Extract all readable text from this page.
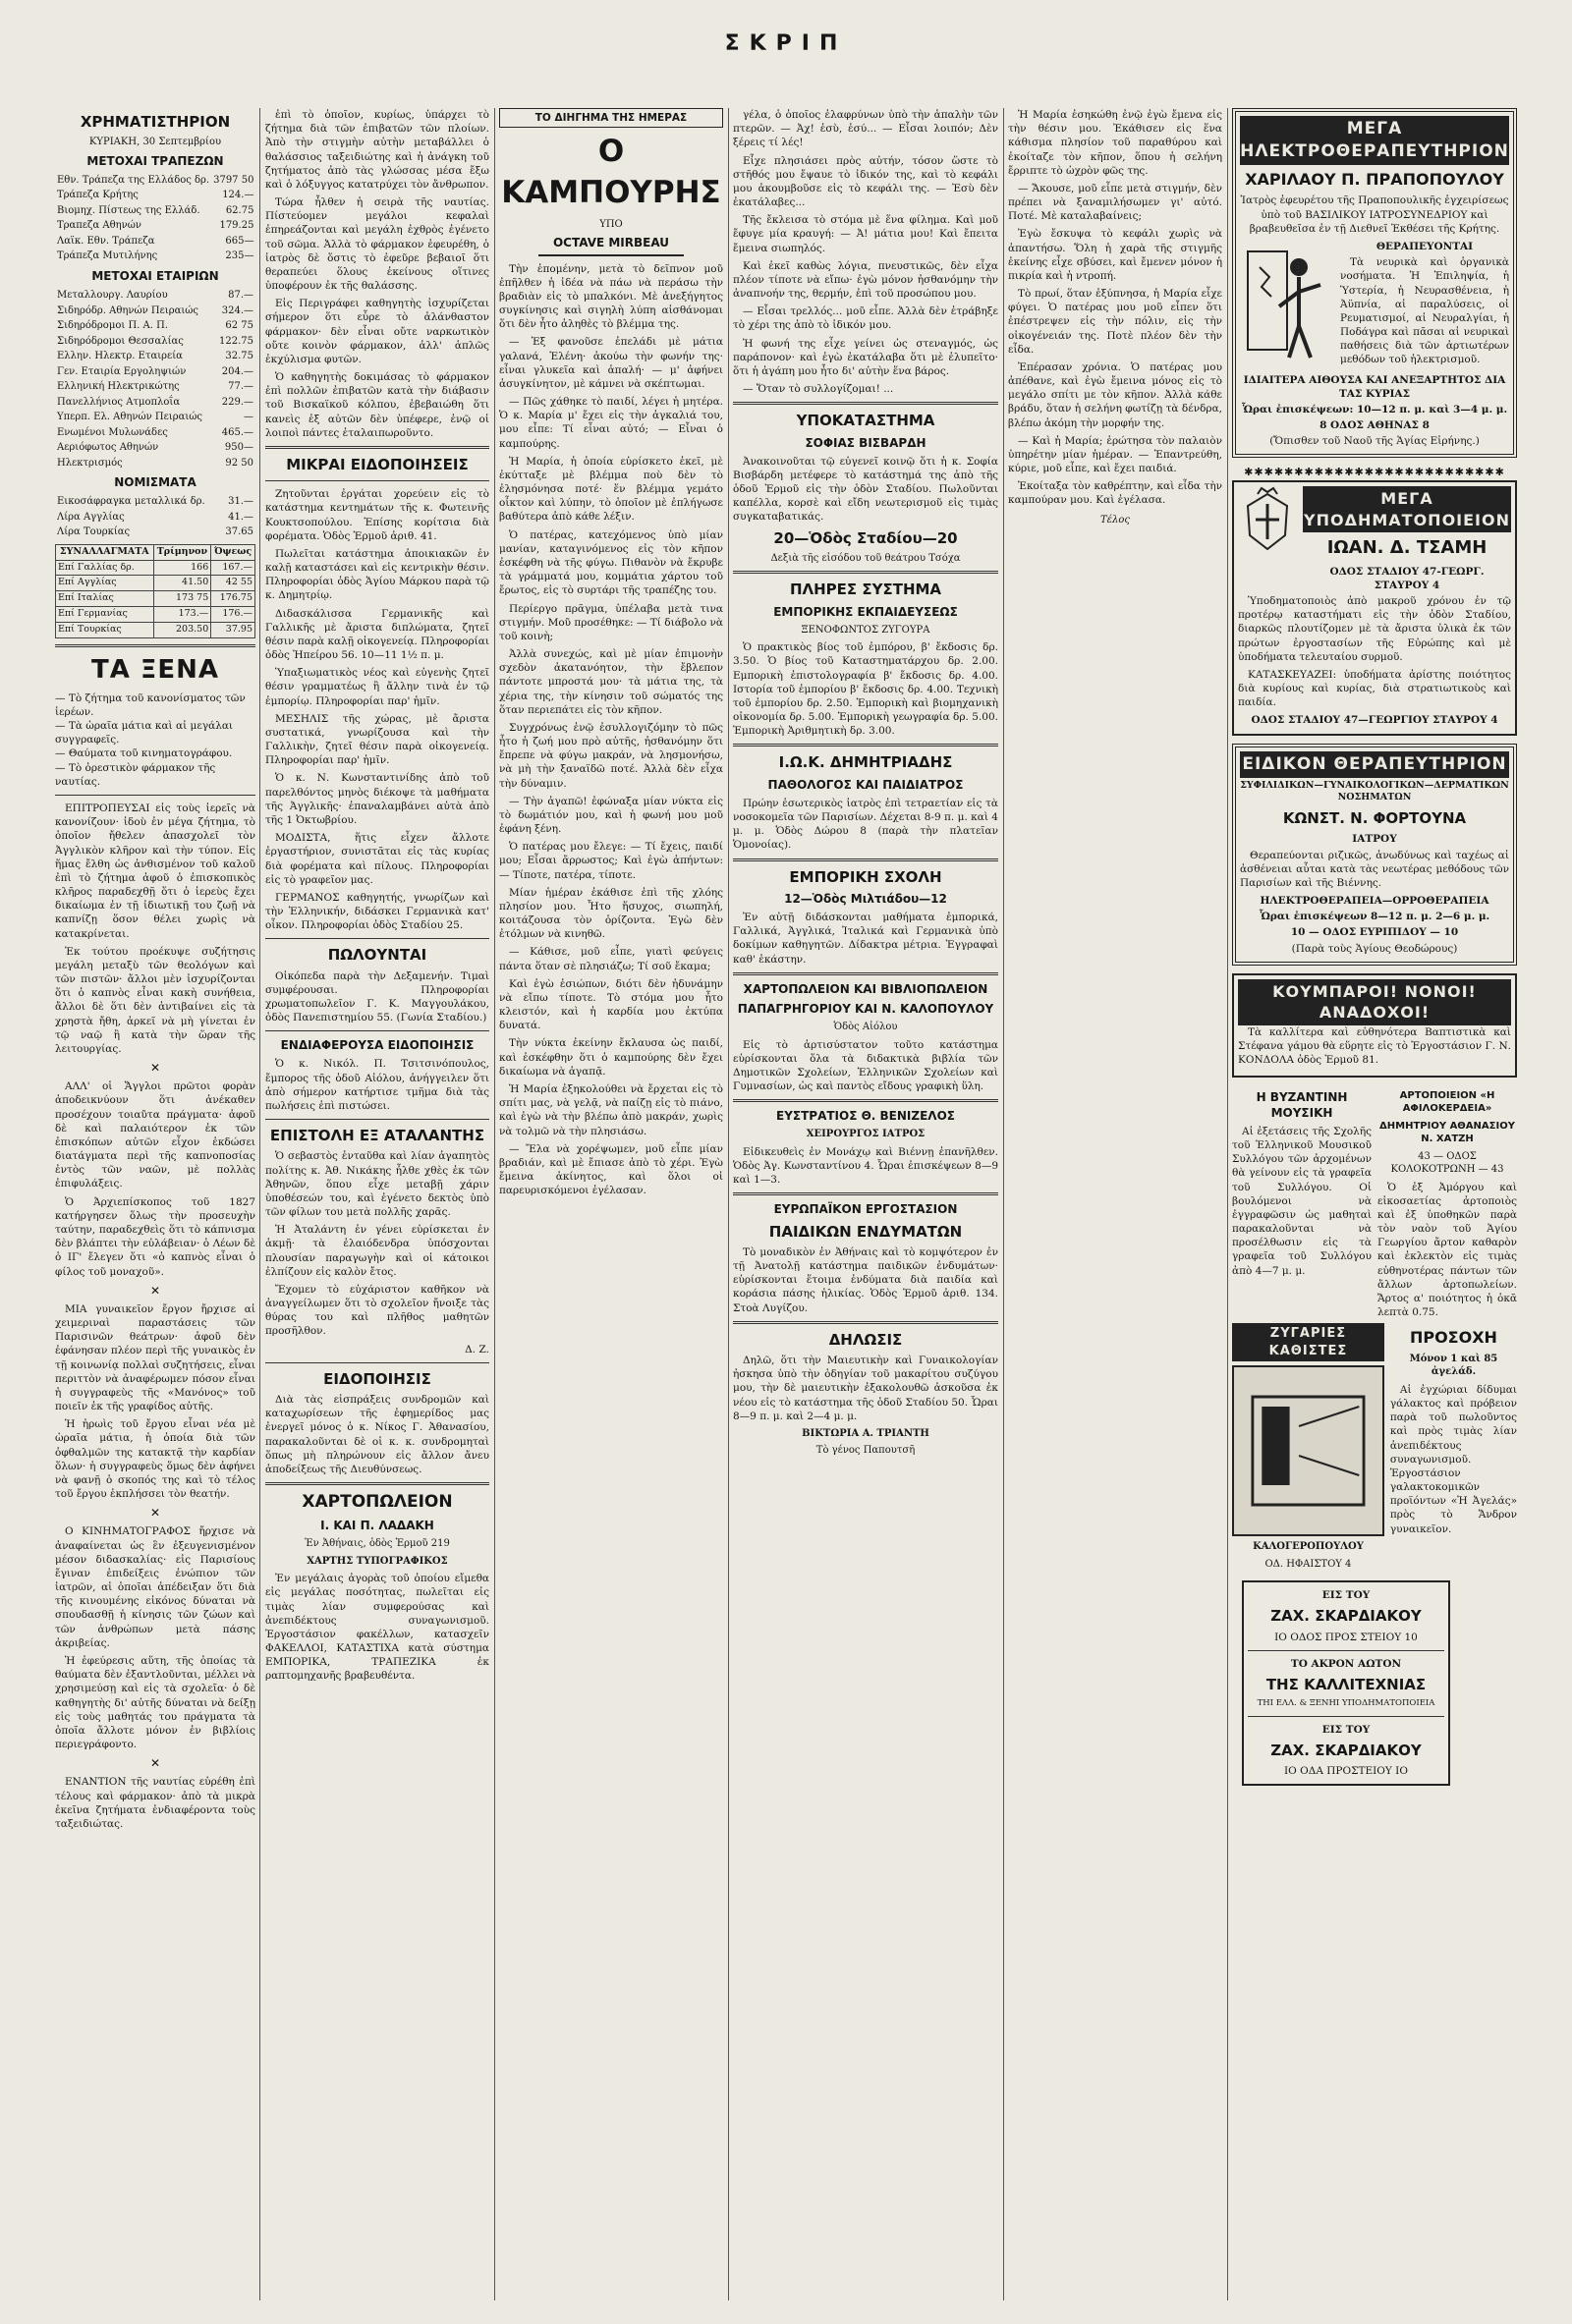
ΣΚΡΙΠ
ΧΡΗΜΑΤΙΣΤΗΡΙΟΝ
ΚΥΡΙΑΚΗ, 30 Σεπτεμβρίου
ΜΕΤΟΧΑΙ ΤΡΑΠΕΖΩΝ
Εθν. Τράπεζα της Ελλάδος δρ.	3797 50
Τράπεζα Κρήτης	124.—
Βιομηχ. Πίστεως της Ελλάδ.	62.75
Τραπεζα Αθηνών	179.25
Λαϊκ. Εθν. Τράπεζα	665—
Τράπεζα Μυτιλήνης	235—
ΜΕΤΟΧΑΙ ΕΤΑΙΡΙΩΝ
Μεταλλουργ. Λαυρίου	87.—
Σιδηρόδρ. Αθηνών Πειραιώς	324.—
Σιδηρόδρομοι Π. Α. Π.	62 75
Σιδηρόδρομοι Θεσσαλίας	122.75
Ελλην. Ηλεκτρ. Εταιρεία	32.75
Γεν. Εταιρία Εργοληψιών	204.—
Ελληνική Ηλεκτρικώτης	77.—
Πανελλήνιος Ατμοπλοΐα	229.—
Υπερπ. Ελ. Αθηνών Πειραιώς	—
Ενωμένοι Μυλωνάδες	465.—
Αεριόφωτος Αθηνών	950—
Ηλεκτρισμός	92 50
ΝΟΜΙΣΜΑΤΑ
Εικοσάφραγκα μεταλλικά δρ.	31.—
Λίρα Αγγλίας	41.—
Λίρα Τουρκίας	37.65
ΣΥΝΑΛΛΑΓΜΑΤΑ	Τρίμηνον	Όψεως
Επί Γαλλίας δρ.	166	167.—
Επί Αγγλίας	41.50	42 55
Επί Ιταλίας	173 75	176.75
Επί Γερμανίας	173.—	176.—
Επί Τουρκίας	203.50	37.95
ΤΑ ΞΕΝΑ
— Τὸ ζήτημα τοῦ κανονίσματος τῶν ἱερέων.
— Τὰ ὡραῖα μάτια καὶ αἱ μεγάλαι συγγραφεῖς.
— Θαύματα τοῦ κινηματογράφου.
— Τὸ ὀρεστικὸν φάρμακον τῆς ναυτίας.

ΕΠΙΤΡΟΠΕΥΣΑΙ εἰς τοὺς ἱερεῖς νὰ κανονίζουν· ἰδοὺ ἐν μέγα ζήτημα, τὸ ὁποῖον ἤθελεν ἀπασχολεῖ τὸν Ἀγγλικὸν κλῆρον καὶ τὴν τύπον. Εἰς ἥμας ἔλθη ὡς ἀνθισμένον τοῦ καλοῦ ἐπὶ τὸ ζήτημα ἀφοῦ ὁ ἐπισκοπικὸς κλῆρος παραδεχθῇ ὅτι ὁ ἱερεὺς ἔχει δικαίωμα ἐν τῇ ἰδιωτικῇ του ζωῇ νὰ καπνίζῃ ὅσον θέλει χωρὶς νὰ κατακρίνεται.

Ἐκ τούτου προέκυψε συζήτησις μεγάλη μεταξὺ τῶν θεολόγων καὶ τῶν πιστῶν· ἄλλοι μὲν ἰσχυρίζονται ὅτι ὁ καπνὸς εἶναι κακὴ συνήθεια, ἄλλοι δὲ ὅτι δὲν ἀντιβαίνει εἰς τὰ χρηστὰ ἤθη, ἀρκεῖ νὰ μὴ γίνεται ἐν τῷ ναῷ ἢ κατὰ τὴν ὥραν τῆς λειτουργίας.

✕

ΑΛΛ' οἱ Ἄγγλοι πρῶτοι φορὰν ἀποδεικνύουν ὅτι ἀνέκαθεν προσέχουν τοιαῦτα πράγματα· ἀφοῦ δὲ καὶ παλαιότερον ἐκ τῶν ἐπισκόπων αὐτῶν εἶχον ἐκδώσει διατάγματα περὶ τῆς καπνοποσίας ἐντὸς τῶν ναῶν, μὲ πολλὰς ἐπιφυλάξεις.

Ὁ Ἀρχιεπίσκοπος τοῦ 1827 κατήργησεν ὅλως τὴν προσευχὴν ταύτην, παραδεχθεὶς ὅτι τὸ κάπνισμα δὲν βλάπτει τὴν εὐλάβειαν· ὁ Λέων δὲ ὁ ΙΓ' ἔλεγεν ὅτι «ὁ καπνὸς εἶναι ὁ φίλος τοῦ μοναχοῦ».

✕

ΜΙΑ γυναικεῖον ἔργον ἤρχισε αἱ χειμεριναὶ παραστάσεις τῶν Παρισινῶν θεάτρων· ἀφοῦ δὲν ἐφάνησαν πλέον περὶ τῆς γυναικὸς ἐν τῇ κοινωνίᾳ πολλαὶ συζητήσεις, εἶναι περιττὸν νὰ ἀναφέρωμεν πόσον εἶναι ἡ συγγραφεὺς τῆς «Μανόνος» τοῦ ποιεῖν ἐκ τῆς γραφίδος αὐτῆς.

Ἡ ἡρωὶς τοῦ ἔργου εἶναι νέα μὲ ὡραῖα μάτια, ἡ ὁποία διὰ τῶν ὀφθαλμῶν της κατακτᾷ τὴν καρδίαν ὅλων· ἡ συγγραφεὺς ὅμως δὲν ἀφήνει νὰ φανῇ ὁ σκοπός της καὶ τὸ τέλος τοῦ ἔργου ἐκπλήσσει τὸν θεατήν.

✕

Ο ΚΙΝΗΜΑΤΟΓΡΑΦΟΣ ἤρχισε νὰ ἀναφαίνεται ὡς ἓν ἐξευγενισμένον μέσον διδασκαλίας· εἰς Παρισίους ἔγιναν ἐπιδείξεις ἐνώπιον τῶν ἰατρῶν, αἱ ὁποῖαι ἀπέδειξαν ὅτι διὰ τῆς κινουμένης εἰκόνος δύναται νὰ σπουδασθῇ ἡ κίνησις τῶν ζώων καὶ τῶν ἀνθρώπων μετὰ πάσης ἀκριβείας.

Ἡ ἐφεύρεσις αὕτη, τῆς ὁποίας τὰ θαύματα δὲν ἐξαντλοῦνται, μέλλει νὰ χρησιμεύσῃ καὶ εἰς τὰ σχολεῖα· ὁ δὲ καθηγητὴς δι' αὐτῆς δύναται νὰ δείξῃ εἰς τοὺς μαθητάς του πράγματα τὰ ὁποῖα ἄλλοτε μόνον ἐν βιβλίοις περιεγράφοντο.

✕

ΕΝΑΝΤΙΟΝ τῆς ναυτίας εὑρέθη ἐπὶ τέλους καὶ φάρμακον· ἀπὸ τὰ μικρὰ ἐκεῖνα ζητήματα ἐνδιαφέροντα τοὺς ταξειδιώτας.

ἐπὶ τὸ ὁποῖον, κυρίως, ὑπάρχει τὸ ζήτημα διὰ τῶν ἐπιβατῶν τῶν πλοίων. Ἀπὸ τὴν στιγμὴν αὐτὴν μεταβάλλει ὁ θαλάσσιος ταξειδιώτης καὶ ἡ ἀνάγκη τοῦ ζητήματος ἀπὸ τὰς γλώσσας μέσα ἔξω καὶ ὁ λόξυγγος κατατρύχει τὸν ἄνθρωπον.

Τώρα ἦλθεν ἡ σειρὰ τῆς ναυτίας. Πίστεύομεν μεγάλοι κεφαλαὶ ἐπηρεάζονται καὶ μεγάλη ἐχθρὸς ἐγένετο τοῦ σῶμα. Ἀλλὰ τὸ φάρμακον ἐφευρέθη, ὁ ἰατρὸς δὲ ὅστις τὸ ἐφεῦρε βεβαιοῖ ὅτι θεραπεύει ὅλους ἐκείνους οἵτινες ὑποφέρουν ἐκ τῆς θαλάσσης.

Εἰς Περιγράφει καθηγητὴς ἰσχυρίζεται σήμερον ὅτι εὗρε τὸ ἀλάνθαστον φάρμακον· δὲν εἶναι οὔτε ναρκωτικὸν οὔτε κοινὸν φάρμακον, ἀλλ' ἁπλῶς ἐκχύλισμα φυτῶν.

Ὁ καθηγητὴς δοκιμάσας τὸ φάρμακον ἐπὶ πολλῶν ἐπιβατῶν κατὰ τὴν διάβασιν τοῦ Βισκαϊκοῦ κόλπου, ἐβεβαιώθη ὅτι κανεὶς ἐξ αὐτῶν δὲν ὑπέφερε, ἐνῷ οἱ λοιποὶ πάντες ἐταλαιπωροῦντο.

ΜΙΚΡΑΙ ΕΙΔΟΠΟΙΗΣΕΙΣ

Ζητοῦνται ἐργάται χορεύειν εἰς τὸ κατάστημα κεντημάτων τῆς κ. Φωτεινῆς Κουκτσοπούλου. Ἐπίσης κορίτσια διὰ φορέματα. Ὁδὸς Ἑρμοῦ ἀριθ. 41.

Πωλεῖται κατάστημα ἀποικιακῶν ἐν καλῇ καταστάσει καὶ εἰς κεντρικὴν θέσιν. Πληροφορίαι ὁδὸς Ἁγίου Μάρκου παρὰ τῷ κ. Δημητρίῳ.

Διδασκάλισσα Γερμανικῆς καὶ Γαλλικῆς μὲ ἄριστα διπλώματα, ζητεῖ θέσιν παρὰ καλῇ οἰκογενείᾳ. Πληροφορίαι ὁδὸς Ἠπείρου 56. 10—11 1½ π. μ.

Ὑπαξιωματικὸς νέος καὶ εὐγενὴς ζητεῖ θέσιν γραμματέως ἢ ἄλλην τινὰ ἐν τῷ ἐμπορίῳ. Πληροφορίαι παρ' ἡμῖν.

ΜΕΣΗΛΙΣ τῆς χώρας, μὲ ἄριστα συστατικά, γνωρίζουσα καὶ τὴν Γαλλικὴν, ζητεῖ θέσιν παρὰ οἰκογενείᾳ. Πληροφορίαι παρ' ἡμῖν.

Ὁ κ. Ν. Κωνσταντινίδης ἀπὸ τοῦ παρελθόντος μηνὸς διέκοψε τὰ μαθήματα τῆς Ἀγγλικῆς· ἐπαναλαμβάνει αὐτὰ ἀπὸ τῆς 1 Ὀκτωβρίου.

ΜΟΔΙΣΤΑ, ἥτις εἶχεν ἄλλοτε ἐργαστήριον, συνιστᾶται εἰς τὰς κυρίας διὰ φορέματα καὶ πίλους. Πληροφορίαι εἰς τὸ γραφεῖον μας.

ΓΕΡΜΑΝΟΣ καθηγητής, γνωρίζων καὶ τὴν Ἑλληνικήν, διδάσκει Γερμανικὰ κατ' οἶκον. Πληροφορίαι ὁδὸς Σταδίου 25.

ΠΩΛΟΥΝΤΑΙ

Οἰκόπεδα παρὰ τὴν Δεξαμενήν. Τιμαὶ συμφέρουσαι. Πληροφορίαι χρωματοπωλεῖον Γ. Κ. Μαγγουλάκου, ὁδὸς Πανεπιστημίου 55. (Γωνία Σταδίου.)

ΕΝΔΙΑΦΕΡΟΥΣΑ ΕΙΔΟΠΟΙΗΣΙΣ

Ὁ κ. Νικόλ. Π. Τσιτσινόπουλος, ἔμπορος τῆς ὁδοῦ Αἰόλου, ἀνήγγειλεν ὅτι ἀπὸ σήμερον κατήρτισε τμῆμα διὰ τὰς πωλήσεις ἐπὶ πιστώσει.

ΕΠΙΣΤΟΛΗ ΕΞ ΑΤΑΛΑΝΤΗΣ

Ὁ σεβαστὸς ἐνταῦθα καὶ λίαν ἀγαπητὸς πολίτης κ. Ἀθ. Νικάκης ἦλθε χθὲς ἐκ τῶν Ἀθηνῶν, ὅπου εἶχε μεταβῇ χάριν ὑποθέσεών του, καὶ ἐγένετο δεκτὸς ὑπὸ τῶν φίλων του μετὰ πολλῆς χαρᾶς.

Ἡ Ἀταλάντη ἐν γένει εὑρίσκεται ἐν ἀκμῇ· τὰ ἐλαιόδενδρα ὑπόσχονται πλουσίαν παραγωγὴν καὶ οἱ κάτοικοι ἐλπίζουν εἰς καλὸν ἔτος.

Ἔχομεν τὸ εὐχάριστον καθῆκον νὰ ἀναγγείλωμεν ὅτι τὸ σχολεῖον ἤνοιξε τὰς θύρας του καὶ πλῆθος μαθητῶν προσῆλθον.

Δ. Ζ.
ΕΙΔΟΠΟΙΗΣΙΣ

Διὰ τὰς εἰσπράξεις συνδρομῶν καὶ καταχωρίσεων τῆς ἐφημερίδος μας ἐνεργεῖ μόνος ὁ κ. Νίκος Γ. Ἀθανασίου, παρακαλοῦνται δὲ οἱ κ. κ. συνδρομηταὶ ὅπως μὴ πληρώνουν εἰς ἄλλον ἄνευ ἀποδείξεως τῆς Διευθύνσεως.

ΧΑΡΤΟΠΩΛΕΙΟΝ
Ι. ΚΑΙ Π. ΛΑΔΑΚΗ
Ἐν Ἀθήναις, ὁδὸς Ἑρμοῦ 219
ΧΑΡΤΗΣ ΤΥΠΟΓΡΑΦΙΚΟΣ

Ἐν μεγάλαις ἀγορὰς τοῦ ὁποίου εἴμεθα εἰς μεγάλας ποσότητας, πωλεῖται εἰς τιμὰς λίαν συμφερούσας καὶ ἀνεπιδέκτους συναγωνισμοῦ. Ἐργοστάσιον φακέλλων, κατασχεῖν ΦΑΚΕΛΛΟΙ, ΚΑΤΑΣΤΙΧΑ κατὰ σύστημα ΕΜΠΟΡΙΚΑ, ΤΡΑΠΕΖΙΚΑ ἐκ ραπτομηχανῆς βραβευθέντα.

ΤΟ ΔΙΗΓΗΜΑ ΤΗΣ ΗΜΕΡΑΣ
Ο ΚΑΜΠΟΥΡΗΣ
ΥΠΟ
OCTAVE MIRBEAU

Τὴν ἑπομένην, μετὰ τὸ δεῖπνον μοῦ ἐπῆλθεν ἡ ἰδέα νὰ πάω νὰ περάσω τὴν βραδιὰν εἰς τὸ μπαλκόνι. Μὲ ἀνεξήγητος συγκίνησις καὶ σιγηλὴ λύπη αἰσθάνομαι ὅτι δὲν ἦτο ἀληθὲς τὸ βλέμμα της.

— Ἐξ φανοῦσε ἐπελάδι μὲ μάτια γαλανά, Ἑλένη· ἀκούω τὴν φωνήν της· εἶναι γλυκεῖα καὶ ἁπαλή· — μ' ἀφήνει ἀσυγκίνητον, μὲ κάμνει νὰ σκέπτωμαι.

— Πῶς χάθηκε τὸ παιδί, λέγει ἡ μητέρα. Ὁ κ. Μαρία μ' ἔχει εἰς τὴν ἀγκαλιά του, μου εἶπε: Τί εἶναι αὐτό; — Εἶναι ὁ καμπούρης.

Ἡ Μαρία, ἡ ὁποία εὑρίσκετο ἐκεῖ, μὲ ἐκύτταξε μὲ βλέμμα ποὺ δὲν τὸ ἐλησμόνησα ποτέ· ἕν βλέμμα γεμάτο οἶκτον καὶ λύπην, τὸ ὁποῖον μὲ ἐπλήγωσε βαθύτερα ἀπὸ κάθε λέξιν.

Ὁ πατέρας, κατεχόμενος ὑπὸ μίαν μανίαν, καταγινόμενος εἰς τὸν κῆπον ἐσκέφθη νὰ τῆς φύγω. Πιθανὸν νὰ ἔκρυβε τὰ γράμματά μου, κομμάτια χάρτου τοῦ ἔρωτος, εἰς τὸ συρτάρι τῆς τραπέζης του.

Περίεργο πρᾶγμα, ὑπέλαβα μετὰ τινα στιγμήν. Μοῦ προσέθηκε: — Τί διάβολο νὰ τοῦ κοινὴ;

Ἀλλὰ συνεχώς, καὶ μὲ μίαν ἐπιμονὴν σχεδὸν ἀκατανόητον, τὴν ἔβλεπον πάντοτε μπροστά μου· τὰ μάτια της, τὰ χέρια της, τὴν κίνησιν τοῦ σώματός της ὅταν περιεπάτει εἰς τὸν κῆπον.

Συγχρόνως ἐνῷ ἐσυλλογιζόμην τὸ πῶς ἦτο ἡ ζωή μου πρὸ αὐτῆς, ἠσθανόμην ὅτι ἔπρεπε νὰ φύγω μακράν, νὰ λησμονήσω, νὰ μὴ τὴν ξαναϊδῶ ποτέ. Ἀλλὰ δὲν εἶχα τὴν δύναμιν.

— Τὴν ἀγαπῶ! ἐφώναξα μίαν νύκτα εἰς τὸ δωμάτιόν μου, καὶ ἡ φωνή μου μοῦ ἐφάνη ξένη.

Ὁ πατέρας μου ἔλεγε: — Τί ἔχεις, παιδί μου; Εἶσαι ἄρρωστος; Καὶ ἐγὼ ἀπήντων: — Τίποτε, πατέρα, τίποτε.

Μίαν ἡμέραν ἐκάθισε ἐπὶ τῆς χλόης πλησίον μου. Ἦτο ἥσυχος, σιωπηλή, κοιτάζουσα τὸν ὁρίζοντα. Ἐγὼ δὲν ἐτόλμων νὰ κινηθῶ.

— Κάθισε, μοῦ εἶπε, γιατὶ φεύγεις πάντα ὅταν σὲ πλησιάζω; Τί σοῦ ἔκαμα;

Καὶ ἐγὼ ἐσιώπων, διότι δὲν ἠδυνάμην νὰ εἴπω τίποτε. Τὸ στόμα μου ἦτο κλειστόν, καὶ ἡ καρδία μου ἐκτύπα δυνατά.

Τὴν νύκτα ἐκείνην ἔκλαυσα ὡς παιδί, καὶ ἐσκέφθην ὅτι ὁ καμπούρης δὲν ἔχει δικαίωμα νὰ ἀγαπᾷ.

Ἡ Μαρία ἐξηκολούθει νὰ ἔρχεται εἰς τὸ σπίτι μας, νὰ γελᾷ, νὰ παίζῃ εἰς τὸ πιάνο, καὶ ἐγὼ νὰ τὴν βλέπω ἀπὸ μακράν, χωρὶς νὰ τολμῶ νὰ τὴν πλησιάσω.

— Ἔλα νὰ χορέψωμεν, μοῦ εἶπε μίαν βραδιάν, καὶ μὲ ἔπιασε ἀπὸ τὸ χέρι. Ἐγὼ ἔμεινα ἀκίνητος, καὶ ὅλοι οἱ παρευρισκόμενοι ἐγέλασαν.

γέλα, ὁ ὁποῖος ἐλαφρύνων ὑπὸ τὴν ἁπαλὴν τῶν πτερῶν. — Ἀχ! ἐσὺ, ἐσύ... — Εἶσαι λοιπόν; Δὲν ξέρεις τί λές!

Εἶχε πλησιάσει πρὸς αὐτήν, τόσον ὥστε τὸ στῆθός μου ἔψαυε τὸ ἰδικόν της, καὶ τὸ κεφάλι μου ἀκουμβοῦσε εἰς τὸ κεφάλι της. — Ἐσὺ δὲν ἐκατάλαβες...

Τῆς ἔκλεισα τὸ στόμα μὲ ἕνα φίλημα. Καὶ μοῦ ἔφυγε μία κραυγή: — Ἀ! μάτια μου! Καὶ ἔπειτα ἔμεινα σιωπηλός.

Καὶ ἐκεῖ καθὼς λόγια, πνευστικῶς, δὲν εἶχα πλέον τίποτε νὰ εἴπω· ἐγὼ μόνον ἠσθανόμην τὴν ἀναπνοήν της, θερμήν, ἐπὶ τοῦ προσώπου μου.

— Εἶσαι τρελλός... μοῦ εἶπε. Ἀλλὰ δὲν ἐτράβηξε τὸ χέρι της ἀπὸ τὸ ἰδικόν μου.

Ἡ φωνή της εἶχε γείνει ὡς στεναγμός, ὡς παράπονον· καὶ ἐγὼ ἐκατάλαβα ὅτι μὲ ἐλυπεῖτο· ὅτι ἡ ἀγάπη μου ἦτο δι' αὐτὴν ἕνα βάρος.

— Ὅταν τὸ συλλογίζομαι! ...

ΥΠΟΚΑΤΑΣΤΗΜΑ
ΣΟΦΙΑΣ ΒΙΣΒΑΡΔΗ

Ἀνακοινοῦται τῷ εὐγενεῖ κοινῷ ὅτι ἡ κ. Σοφία Βισβάρδη μετέφερε τὸ κατάστημά της ἀπὸ τῆς ὁδοῦ Ἑρμοῦ εἰς τὴν ὁδὸν Σταδίου. Πωλοῦνται καπέλλα, κορσὲ καὶ εἴδη νεωτερισμοῦ εἰς τιμὰς συγκαταβατικάς.

20—Ὁδὸς Σταδίου—20
Δεξιὰ τῆς εἰσόδου τοῦ θεάτρου Τσόχα
ΠΛΗΡΕΣ ΣΥΣΤΗΜΑ
ΕΜΠΟΡΙΚΗΣ ΕΚΠΑΙΔΕΥΣΕΩΣ
ΞΕΝΟΦΩΝΤΟΣ ΖΥΓΟΥΡΑ

Ὁ πρακτικὸς βίος τοῦ ἐμπόρου, β' ἔκδοσις δρ. 3.50. Ὁ βίος τοῦ Καταστηματάρχου δρ. 2.00. Εμπορικὴ ἐπιστολογραφία β' ἔκδοσις δρ. 4.00. Ιστορία τοῦ ἐμπορίου β' ἔκδοσις δρ. 4.00. Τεχνικὴ τοῦ ἐμπορίου δρ. 2.50. Ἐμπορικὴ καὶ βιομηχανικὴ οἰκονομία δρ. 5.00. Ἐμπορικὴ γεωγραφία δρ. 5.00. Ἐμπορικὴ Ἀριθμητικὴ δρ. 3.00.

Ι.Ω.Κ. ΔΗΜΗΤΡΙΑΔΗΣ
ΠΑΘΟΛΟΓΟΣ ΚΑΙ ΠΑΙΔΙΑΤΡΟΣ

Πρώην ἐσωτερικὸς ἰατρὸς ἐπὶ τετραετίαν εἰς τὰ νοσοκομεῖα τῶν Παρισίων. Δέχεται 8-9 π. μ. καὶ 4 μ. μ. Ὁδὸς Δώρου 8 (παρὰ τὴν πλατεῖαν Ὁμονοίας).

ΕΜΠΟΡΙΚΗ ΣΧΟΛΗ
12—Ὁδὸς Μιλτιάδου—12

Ἐν αὐτῇ διδάσκονται μαθήματα ἐμπορικά, Γαλλικά, Ἀγγλικά, Ἰταλικά καὶ Γερμανικὰ ὑπὸ δοκίμων καθηγητῶν. Δίδακτρα μέτρια. Ἐγγραφαὶ καθ' ἑκάστην.

ΧΑΡΤΟΠΩΛΕΙΟΝ ΚΑΙ ΒΙΒΛΙΟΠΩΛΕΙΟΝ
ΠΑΠΑΓΡΗΓΟΡΙΟΥ ΚΑΙ Ν. ΚΑΛΟΠΟΥΛΟΥ
Ὁδὸς Αἰόλου

Εἰς τὸ ἀρτισύστατον τοῦτο κατάστημα εὑρίσκονται ὅλα τὰ διδακτικὰ βιβλία τῶν Δημοτικῶν Σχολείων, Ἑλληνικῶν Σχολείων καὶ Γυμνασίων, ὡς καὶ παντὸς εἴδους γραφικὴ ὕλη.

ΕΥΣΤΡΑΤΙΟΣ Θ. ΒΕΝΙΖΕΛΟΣ
ΧΕΙΡΟΥΡΓΟΣ ΙΑΤΡΟΣ

Εἰδικευθεὶς ἐν Μονάχῳ καὶ Βιέννῃ ἐπανῆλθεν. Ὁδὸς Ἀγ. Κωνσταντίνου 4. Ὧραι ἐπισκέψεων 8—9 καὶ 1—3.

ΕΥΡΩΠΑΪΚΟΝ ΕΡΓΟΣΤΑΣΙΟΝ
ΠΑΙΔΙΚΩΝ ΕΝΔΥΜΑΤΩΝ

Τὸ μοναδικὸν ἐν Ἀθήναις καὶ τὸ κομψότερον ἐν τῇ Ἀνατολῇ κατάστημα παιδικῶν ἐνδυμάτων· εὑρίσκονται ἕτοιμα ἐνδύματα διὰ παιδία καὶ κοράσια πάσης ἡλικίας. Ὁδὸς Ἑρμοῦ ἀριθ. 134. Στοὰ Λυγίζου.

ΔΗΛΩΣΙΣ

Δηλῶ, ὅτι τὴν Μαιευτικὴν καὶ Γυναικολογίαν ἠσκησα ὑπὸ τὴν ὁδηγίαν τοῦ μακαρίτου συζύγου μου, τὴν δὲ μαιευτικὴν ἐξακολουθῶ ἀσκοῦσα ἐκ νέου εἰς τὸ κατάστημα τῆς ὁδοῦ Σταδίου 50. Ὧραι 8—9 π. μ. καὶ 2—4 μ. μ.

ΒΙΚΤΩΡΙΑ Α. ΤΡΙΑΝΤΗ
Τὸ γένος Παπουτσῆ

Ἡ Μαρία ἐσηκώθη ἐνῷ ἐγὼ ἔμενα εἰς τὴν θέσιν μου. Ἐκάθισεν εἰς ἕνα κάθισμα πλησίον τοῦ παραθύρου καὶ ἐκοίταζε τὸν κῆπον, ὅπου ἡ σελήνη ἔρριπτε τὸ ὠχρὸν φῶς της.

— Ἄκουσε, μοῦ εἶπε μετὰ στιγμήν, δὲν πρέπει νὰ ξαναμιλήσωμεν γι' αὐτό. Ποτέ. Μὲ καταλαβαίνεις;

Ἐγὼ ἔσκυψα τὸ κεφάλι χωρὶς νὰ ἀπαντήσω. Ὅλη ἡ χαρὰ τῆς στιγμῆς ἐκείνης εἶχε σβύσει, καὶ ἔμενεν μόνον ἡ πικρία καὶ ἡ ντροπή.

Τὸ πρωί, ὅταν ἐξύπνησα, ἡ Μαρία εἶχε φύγει. Ὁ πατέρας μου μοῦ εἶπεν ὅτι ἐπέστρεψεν εἰς τὴν πόλιν, εἰς τὴν οἰκογένειάν της. Ποτὲ πλέον δὲν τὴν εἶδα.

Ἐπέρασαν χρόνια. Ὁ πατέρας μου ἀπέθανε, καὶ ἐγὼ ἔμεινα μόνος εἰς τὸ μεγάλο σπίτι με τὸν κῆπον. Ἀλλὰ κάθε βράδυ, ὅταν ἡ σελήνη φωτίζῃ τὰ δένδρα, βλέπω ἀκόμη τὴν μορφήν της.

— Καὶ ἡ Μαρία; ἐρώτησα τὸν παλαιὸν ὑπηρέτην μίαν ἡμέραν. — Ἐπαντρεύθη, κύριε, μοῦ εἶπε, καὶ ἔχει παιδιά.

Ἐκοίταξα τὸν καθρέπτην, καὶ εἶδα τὴν καμπούραν μου. Καὶ ἐγέλασα.

Τέλος
ΜΕΓΑ ΗΛΕΚΤΡΟΘΕΡΑΠΕΥΤΗΡΙΟΝ
ΧΑΡΙΛΑΟΥ Π. ΠΡΑΠΟΠΟΥΛΟΥ
Ἰατρὸς ἐφευρέτου τῆς Πραποπουλικῆς ἐγχειρίσεως ὑπὸ τοῦ ΒΑΣΙΛΙΚΟΥ ΙΑΤΡΟΣΥΝΕΔΡΙΟΥ καὶ βραβευθεῖσα ἐν τῇ Διεθνεῖ Ἐκθέσει τῆς Κρήτης.
ΘΕΡΑΠΕΥΟΝΤΑΙ

Τὰ νευρικὰ καὶ ὀργανικὰ νοσήματα. Ἡ Ἐπιληψία, ἡ Ὑστερία, ἡ Νευρασθένεια, ἡ Ἀϋπνία, αἱ παραλύσεις, οἱ Ρευματισμοί, αἱ Νευραλγίαι, ἡ Ποδάγρα καὶ πᾶσαι αἱ νευρικαὶ παθήσεις διὰ τῶν ἀρτιωτέρων μεθόδων τοῦ ἠλεκτρισμοῦ.

ΙΔΙΑΙΤΕΡΑ ΑΙΘΟΥΣΑ ΚΑΙ ΑΝΕΞΑΡΤΗΤΟΣ ΔΙΑ ΤΑΣ ΚΥΡΙΑΣ
Ὧραι ἐπισκέψεων: 10—12 π. μ. καὶ 3—4 μ. μ.
8 ΟΔΟΣ ΑΘΗΝΑΣ 8
(Ὄπισθεν τοῦ Ναοῦ τῆς Ἁγίας Εἰρήνης.)
✱✱✱✱✱✱✱✱✱✱✱✱✱✱✱✱✱✱✱✱✱✱✱✱✱✱
ΜΕΓΑ ΥΠΟΔΗΜΑΤΟΠΟΙΕΙΟΝ
ΙΩΑΝ. Δ. ΤΣΑΜΗ
ΟΔΟΣ ΣΤΑΔΙΟΥ 47-ΓΕΩΡΓ. ΣΤΑΥΡΟΥ 4

Ὑποδηματοποιὸς ἀπὸ μακροῦ χρόνου ἐν τῷ προτέρῳ καταστήματι εἰς τὴν ὁδὸν Σταδίου, διαρκῶς πλουτίζομεν μὲ τὰ ἄριστα ὑλικὰ ἐκ τῶν πρώτων ἐργοστασίων τῆς Εὐρώπης καὶ μὲ ὑποδήματα τελευταίου συρμοῦ.

ΚΑΤΑΣΚΕΥΑΖΕΙ: ὑποδήματα ἀρίστης ποιότητος διὰ κυρίους καὶ κυρίας, διὰ στρατιωτικοὺς καὶ παιδία.

ΟΔΟΣ ΣΤΑΔΙΟΥ 47—ΓΕΩΡΓΙΟΥ ΣΤΑΥΡΟΥ 4
ΕΙΔΙΚΟΝ ΘΕΡΑΠΕΥΤΗΡΙΟΝ
ΣΥΦΙΛΙΔΙΚΩΝ—ΓΥΝΑΙΚΟΛΟΓΙΚΩΝ—ΔΕΡΜΑΤΙΚΩΝ ΝΟΣΗΜΑΤΩΝ
ΚΩΝΣΤ. Ν. ΦΟΡΤΟΥΝΑ
ΙΑΤΡΟΥ

Θεραπεύονται ριζικῶς, ἀνωδύνως καὶ ταχέως αἱ ἀσθένειαι αὗται κατὰ τὰς νεωτέρας μεθόδους τῶν Παρισίων καὶ τῆς Βιέννης.

ΗΛΕΚΤΡΟΘΕΡΑΠΕΙΑ—ΟΡΡΟΘΕΡΑΠΕΙΑ
Ὧραι ἐπισκέψεων 8—12 π. μ. 2—6 μ. μ.
10 — ΟΔΟΣ ΕΥΡΙΠΙΔΟΥ — 10
(Παρὰ τοὺς Ἁγίους Θεοδώρους)
ΚΟΥΜΠΑΡΟΙ! ΝΟΝΟΙ! ΑΝΑΔΟΧΟΙ!

Τὰ καλλίτερα καὶ εὐθηνότερα Βαπτιστικὰ καὶ Στέφανα γάμου θὰ εὕρητε εἰς τὸ Ἐργοστάσιον Γ. Ν. ΚΟΝΔΟΛΑ ὁδὸς Ἑρμοῦ 81.

Η ΒΥΖΑΝΤΙΝΗ ΜΟΥΣΙΚΗ

Αἱ ἐξετάσεις τῆς Σχολῆς τοῦ Ἑλληνικοῦ Μουσικοῦ Συλλόγου τῶν ἀρχομένων θὰ γείνουν εἰς τὰ γραφεῖα τοῦ Συλλόγου. Οἱ βουλόμενοι νὰ ἐγγραφῶσιν ὡς μαθηταὶ παρακαλοῦνται νὰ προσέλθωσιν εἰς τὰ γραφεῖα τοῦ Συλλόγου ἀπὸ 4—7 μ. μ.

ΑΡΤΟΠΟΙΕΙΟΝ «Η ΑΦΙΛΟΚΕΡΔΕΙΑ»
ΔΗΜΗΤΡΙΟΥ ΑΘΑΝΑΣΙΟΥ Ν. ΧΑΤΖΗ
43 — ΟΔΟΣ ΚΟΛΟΚΟΤΡΩΝΗ — 43

Ὁ ἐξ Ἀμόργου καὶ εἰκοσαετίας ἀρτοποιὸς καὶ ἐξ ὑποθηκῶν παρὰ τὸν ναὸν τοῦ Ἁγίου Γεωργίου ἄρτον καθαρὸν καὶ ἐκλεκτὸν εἰς τιμὰς εὐθηνοτέρας πάντων τῶν ἄλλων ἀρτοπωλείων. Ἄρτος α' ποιότητος ἡ ὀκᾶ λεπτὰ 0.75.

ΖΥΓΑΡΙΕΣ ΚΑΘΙΣΤΕΣ
ΚΑΛΟΓΕΡΟΠΟΥΛΟΥ
ΟΔ. ΗΦΑΙΣΤΟΥ 4
ΠΡΟΣΟΧΗ
Μόνον 1 καὶ 85 ἀγελάδ.

Αἱ ἐγχώριαι δίδυμαι γάλακτος καὶ πρόβειον παρὰ τοῦ πωλοῦντος καὶ πρὸς τιμὰς λίαν ἀνεπιδέκτους συναγωνισμοῦ. Ἐργοστάσιον γαλακτοκομικῶν προϊόντων «Ἡ Ἀγελάς» πρὸς τὸ Ἄνδρον γυναικεῖον.

ΕΙΣ ΤΟΥ
ΖΑΧ. ΣΚΑΡΔΙΑΚΟΥ
ΙΟ ΟΔΟΣ ΠΡΟΣ ΣΤΕΙΟΥ 10
ΤΟ ΑΚΡΟΝ ΑΩΤΟΝ
ΤΗΣ ΚΑΛΛΙΤΕΧΝΙΑΣ
ΤΗΙ ΕΛΛ. & ΞΕΝΗΙ ΥΠΟΔΗΜΑΤΟΠΟΙΕΙΑ
ΕΙΣ ΤΟΥ
ΖΑΧ. ΣΚΑΡΔΙΑΚΟΥ
ΙΟ ΟΔΑ ΠΡΟΣΤΕΙΟΥ ΙΟ
